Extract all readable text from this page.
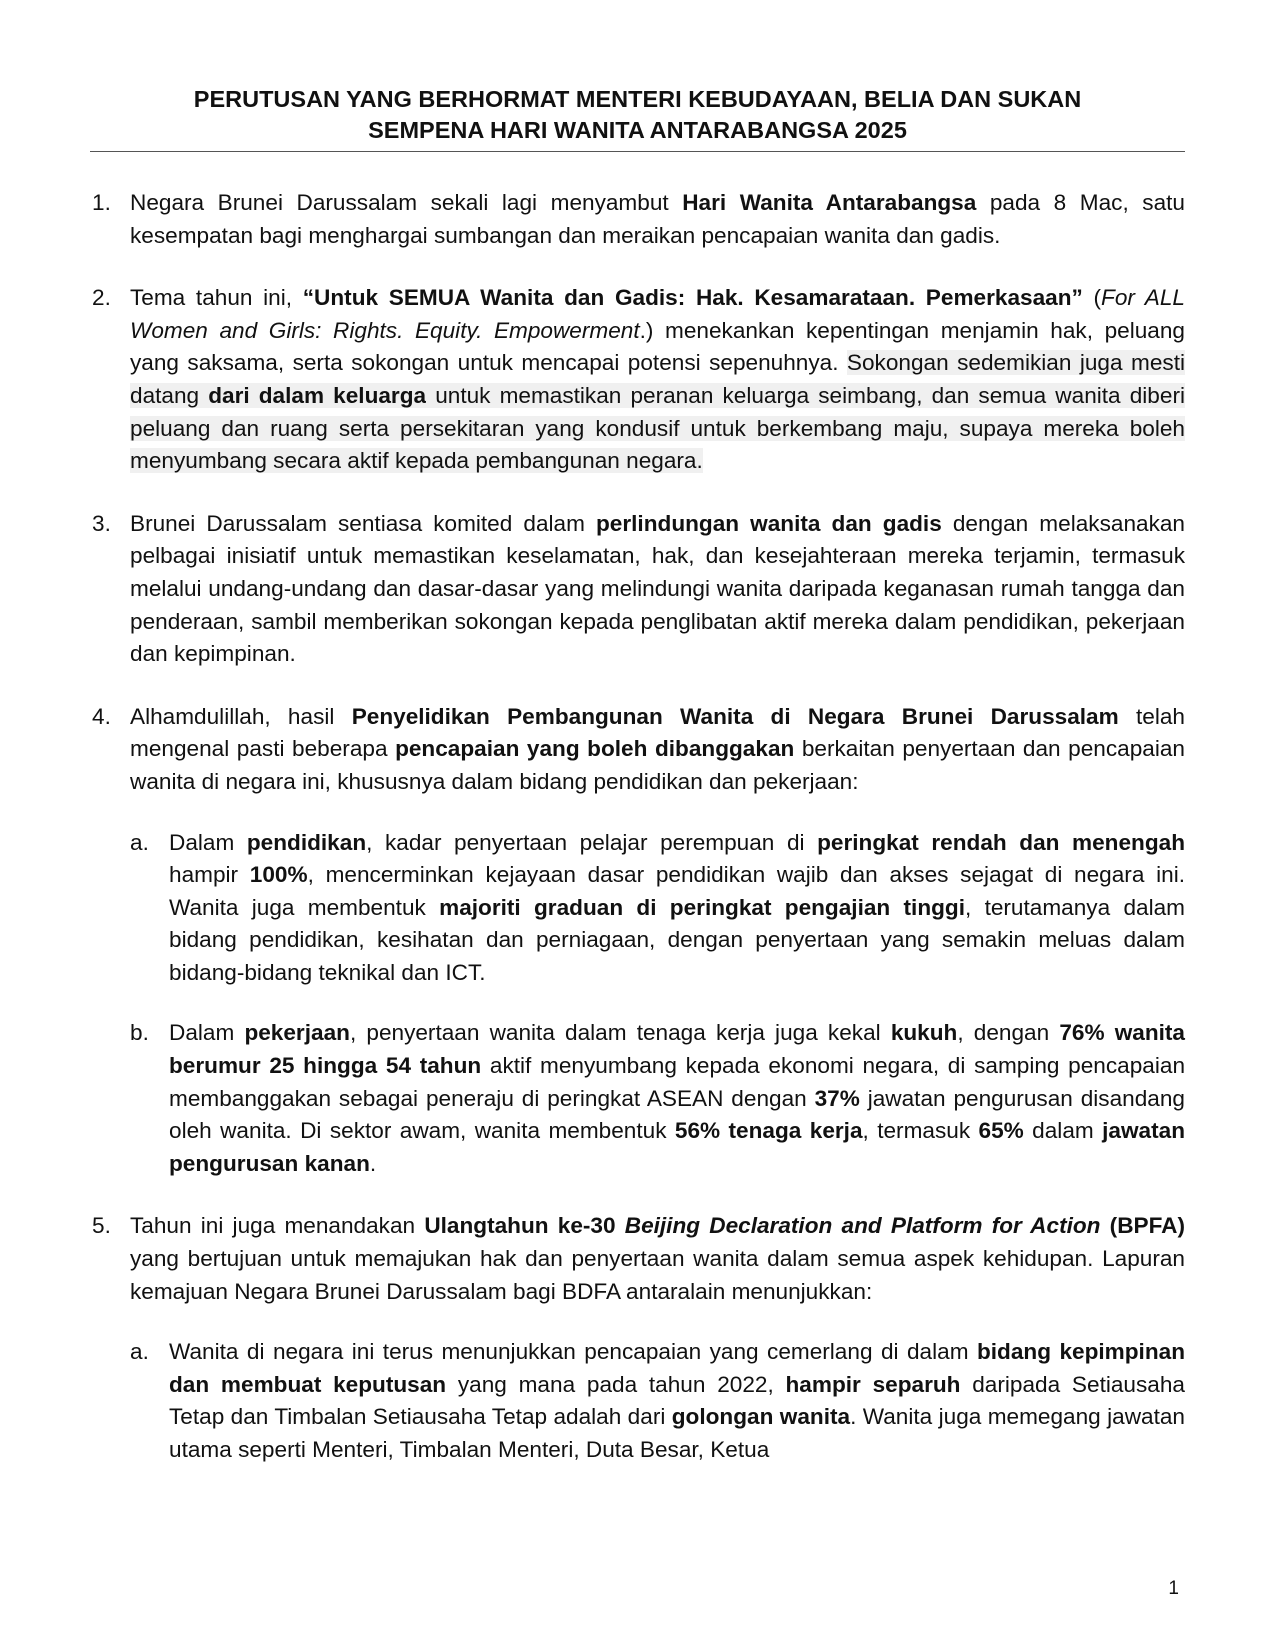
PERUTUSAN YANG BERHORMAT MENTERI KEBUDAYAAN, BELIA DAN SUKAN
SEMPENA HARI WANITA ANTARABANGSA 2025
1. Negara Brunei Darussalam sekali lagi menyambut Hari Wanita Antarabangsa pada 8 Mac, satu kesempatan bagi menghargai sumbangan dan meraikan pencapaian wanita dan gadis.
2. Tema tahun ini, “Untuk SEMUA Wanita dan Gadis: Hak. Kesamarataan. Pemerkasaan” (For ALL Women and Girls: Rights. Equity. Empowerment.) menekankan kepentingan menjamin hak, peluang yang saksama, serta sokongan untuk mencapai potensi sepenuhnya. Sokongan sedemikian juga mesti datang dari dalam keluarga untuk memastikan peranan keluarga seimbang, dan semua wanita diberi peluang dan ruang serta persekitaran yang kondusif untuk berkembang maju, supaya mereka boleh menyumbang secara aktif kepada pembangunan negara.
3. Brunei Darussalam sentiasa komited dalam perlindungan wanita dan gadis dengan melaksanakan pelbagai inisiatif untuk memastikan keselamatan, hak, dan kesejahteraan mereka terjamin, termasuk melalui undang-undang dan dasar-dasar yang melindungi wanita daripada keganasan rumah tangga dan penderaan, sambil memberikan sokongan kepada penglibatan aktif mereka dalam pendidikan, pekerjaan dan kepimpinan.
4. Alhamdulillah, hasil Penyelidikan Pembangunan Wanita di Negara Brunei Darussalam telah mengenal pasti beberapa pencapaian yang boleh dibanggakan berkaitan penyertaan dan pencapaian wanita di negara ini, khususnya dalam bidang pendidikan dan pekerjaan:
a. Dalam pendidikan, kadar penyertaan pelajar perempuan di peringkat rendah dan menengah hampir 100%, mencerminkan kejayaan dasar pendidikan wajib dan akses sejagat di negara ini. Wanita juga membentuk majoriti graduan di peringkat pengajian tinggi, terutamanya dalam bidang pendidikan, kesihatan dan perniagaan, dengan penyertaan yang semakin meluas dalam bidang-bidang teknikal dan ICT.
b. Dalam pekerjaan, penyertaan wanita dalam tenaga kerja juga kekal kukuh, dengan 76% wanita berumur 25 hingga 54 tahun aktif menyumbang kepada ekonomi negara, di samping pencapaian membanggakan sebagai peneraju di peringkat ASEAN dengan 37% jawatan pengurusan disandang oleh wanita. Di sektor awam, wanita membentuk 56% tenaga kerja, termasuk 65% dalam jawatan pengurusan kanan.
5. Tahun ini juga menandakan Ulangtahun ke-30 Beijing Declaration and Platform for Action (BPFA) yang bertujuan untuk memajukan hak dan penyertaan wanita dalam semua aspek kehidupan. Lapuran kemajuan Negara Brunei Darussalam bagi BDFA antaralain menunjukkan:
a. Wanita di negara ini terus menunjukkan pencapaian yang cemerlang di dalam bidang kepimpinan dan membuat keputusan yang mana pada tahun 2022, hampir separuh daripada Setiausaha Tetap dan Timbalan Setiausaha Tetap adalah dari golongan wanita. Wanita juga memegang jawatan utama seperti Menteri, Timbalan Menteri, Duta Besar, Ketua
1
